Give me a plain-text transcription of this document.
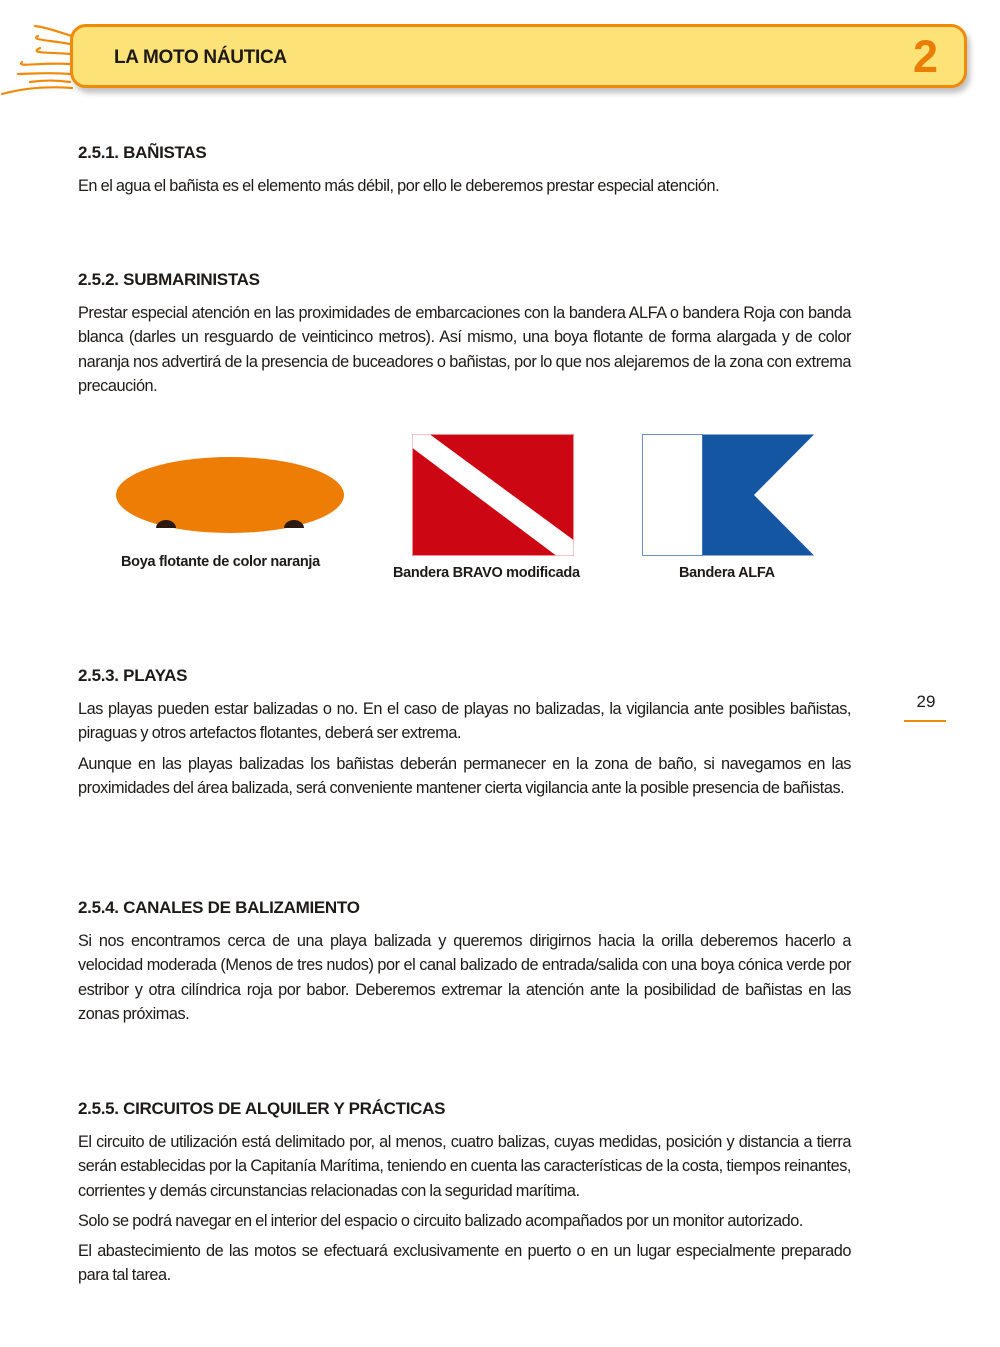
LA MOTO NÁUTICA	2
2.5.1. BAÑISTAS

En el agua el bañista es el elemento más débil, por ello le deberemos prestar especial atención.

2.5.2. SUBMARINISTAS

Prestar especial atención en las proximidades de embarcaciones con la bandera ALFA o bandera Roja con banda blanca (darles un resguardo de veinticinco metros). Así mismo, una boya flotante de forma alargada y de color naranja nos advertirá de la presencia de buceadores o bañistas, por lo que nos alejaremos de la zona con extrema precaución.

Boya flotante de color naranja
Bandera BRAVO modificada	Bandera ALFA
2.5.3. PLAYAS

Las playas pueden estar balizadas o no. En el caso de playas no balizadas, la vigilancia ante posibles bañistas, piraguas y otros artefactos flotantes, deberá ser extrema.

Aunque en las playas balizadas los bañistas deberán permanecer en la zona de baño, si navegamos en las proximidades del área balizada, será conveniente mantener cierta vigilancia ante la posible presencia de bañistas.

29
2.5.4. CANALES DE BALIZAMIENTO

Si nos encontramos cerca de una playa balizada y queremos dirigirnos hacia la orilla deberemos hacerlo a velocidad moderada (Menos de tres nudos) por el canal balizado de entrada/salida con una boya cónica verde por estribor y otra cilíndrica roja por babor. Deberemos extremar la atención ante la posibilidad de bañistas en las zonas próximas.

2.5.5. CIRCUITOS DE ALQUILER Y PRÁCTICAS

El circuito de utilización está delimitado por, al menos, cuatro balizas, cuyas medidas, posición y distancia a tierra serán establecidas por la Capitanía Marítima, teniendo en cuenta las características de la costa, tiempos reinantes, corrientes y demás circunstancias relacionadas con la seguridad marítima.

Solo se podrá navegar en el interior del espacio o circuito balizado acompañados por un monitor autorizado.

El abastecimiento de las motos se efectuará exclusivamente en puerto o en un lugar especialmente preparado para tal tarea.
